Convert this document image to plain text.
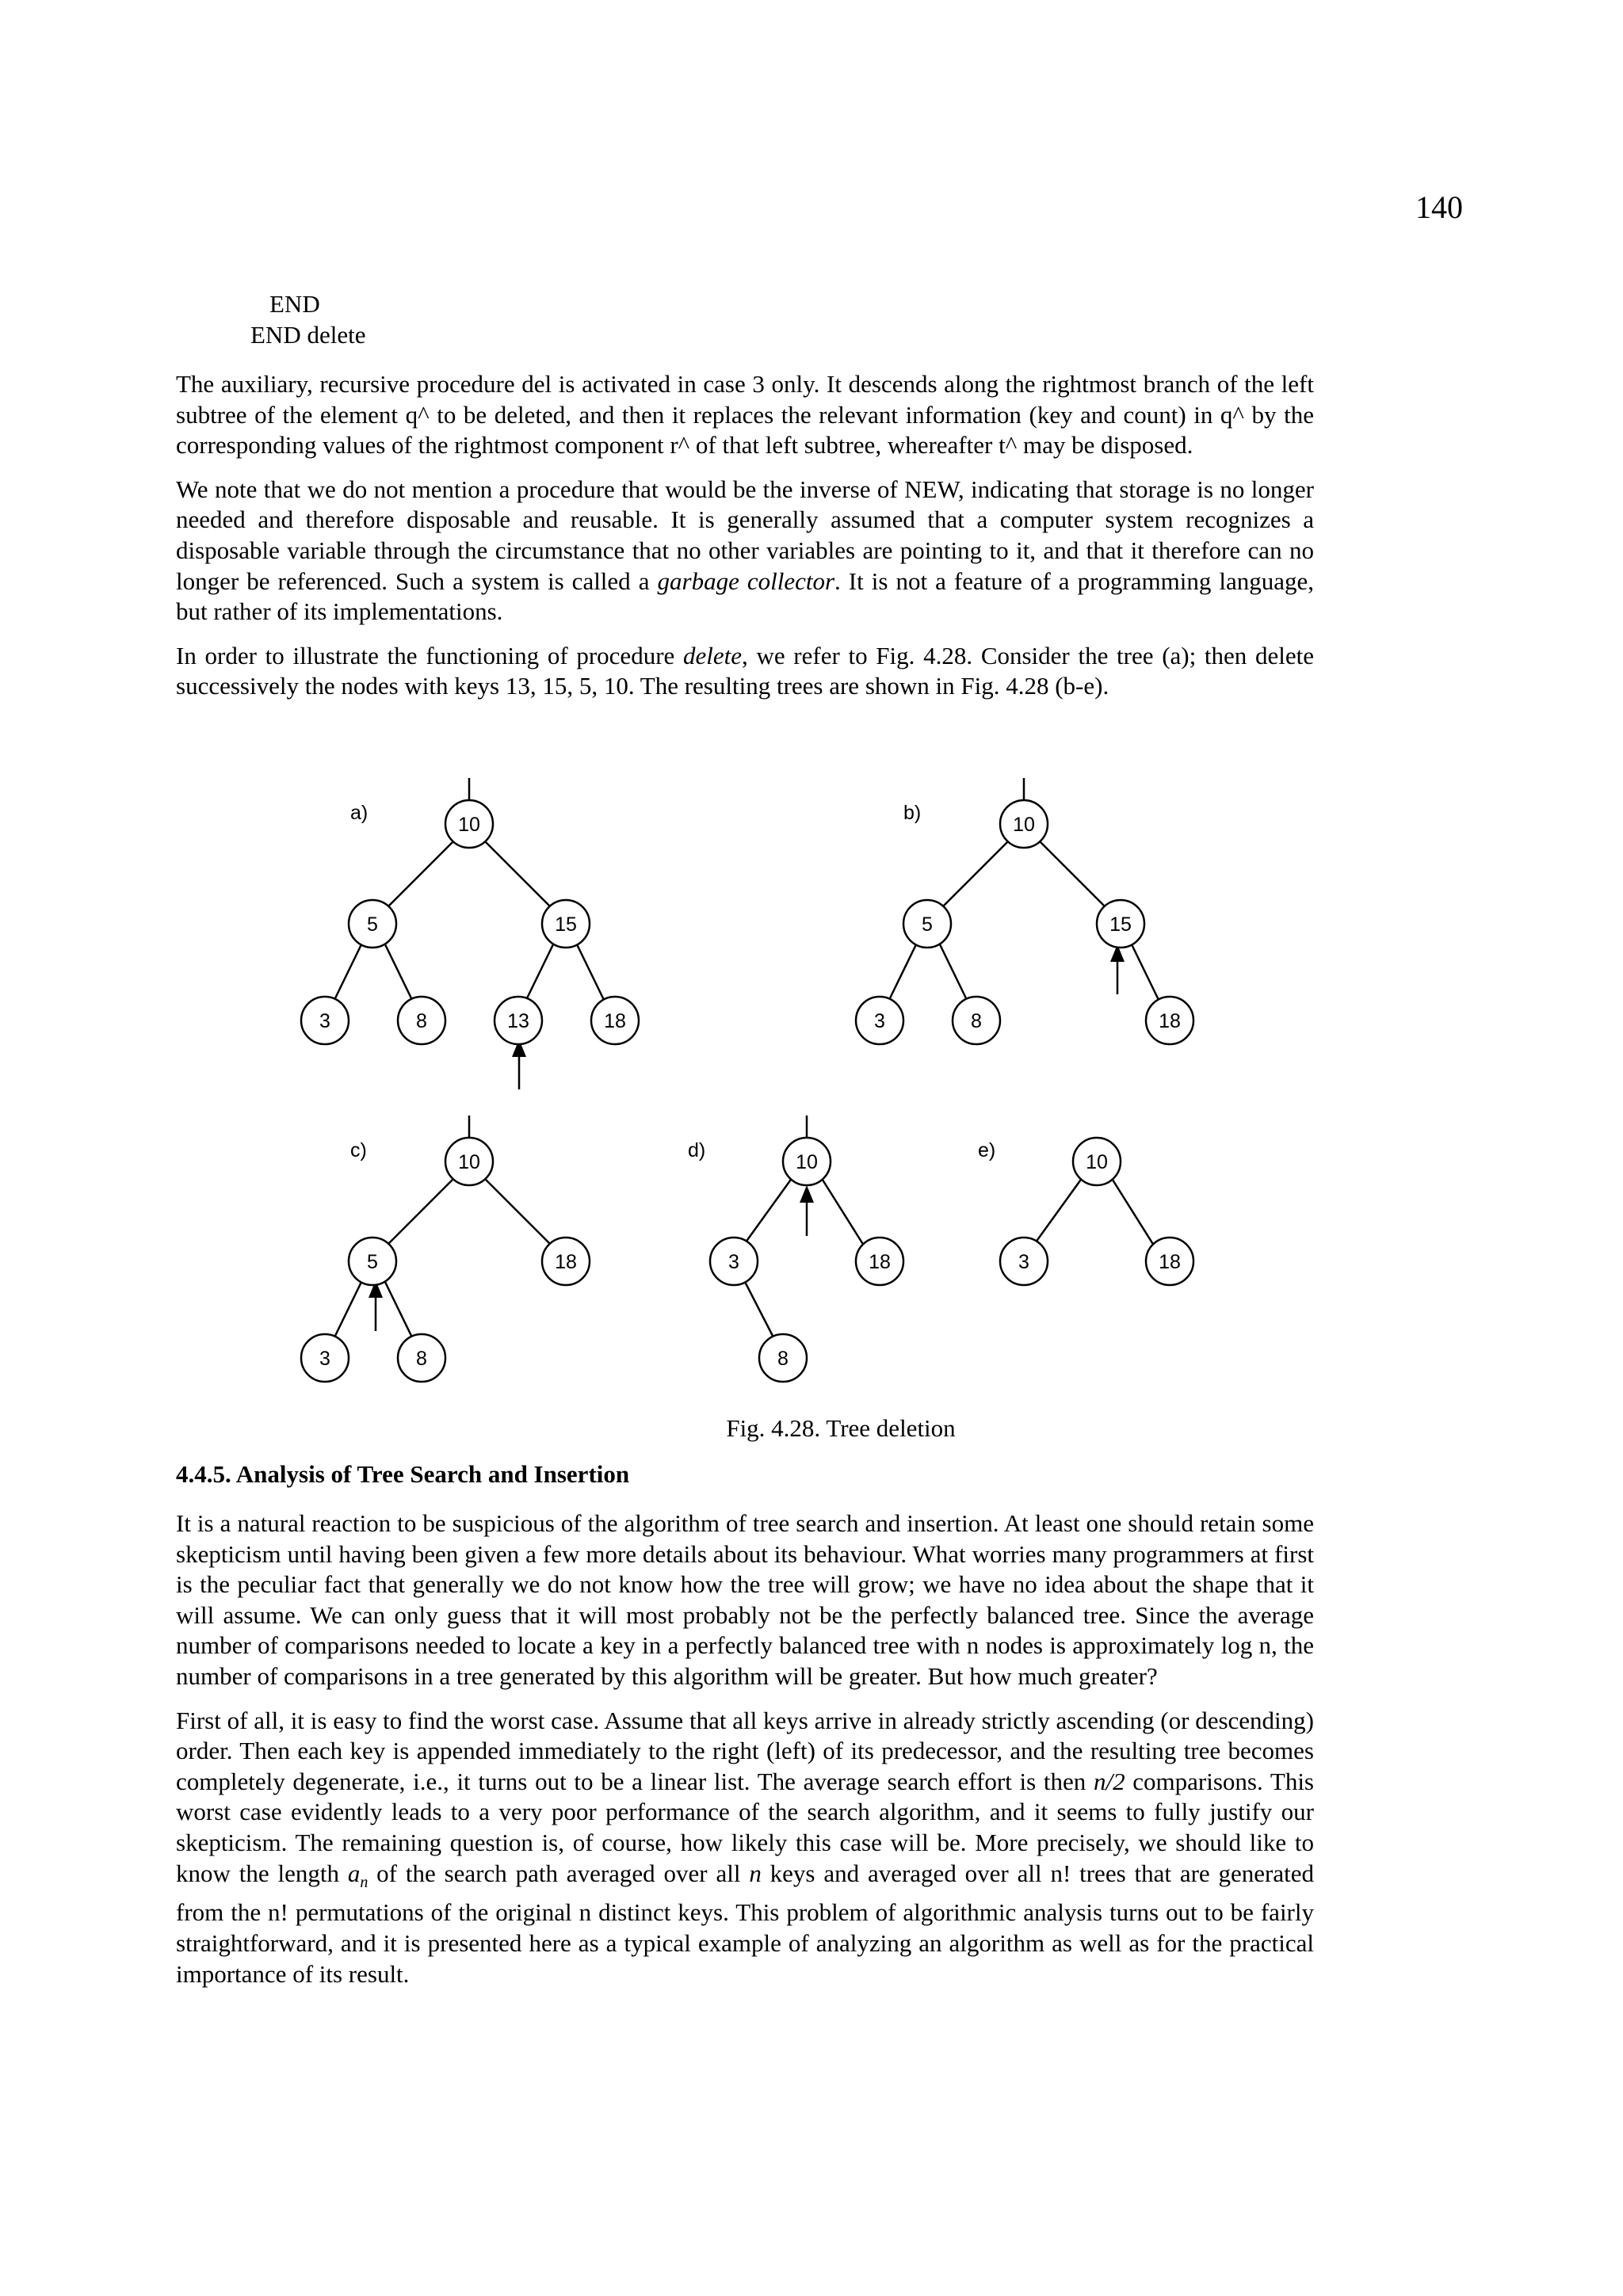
140
END
END delete

The auxiliary, recursive procedure del is activated in case 3 only. It descends along the rightmost branch of the left subtree of the element q^ to be deleted, and then it replaces the relevant information (key and count) in q^ by the corresponding values of the rightmost component r^ of that left subtree, whereafter t^ may be disposed.

We note that we do not mention a procedure that would be the inverse of NEW, indicating that storage is no longer needed and therefore disposable and reusable. It is generally assumed that a computer system recognizes a disposable variable through the circumstance that no other variables are pointing to it, and that it therefore can no longer be referenced. Such a system is called a garbage collector. It is not a feature of a programming language, but rather of its implementations.

In order to illustrate the functioning of procedure delete, we refer to Fig. 4.28. Consider the tree (a); then delete successively the nodes with keys 13, 15, 5, 10. The resulting trees are shown in Fig. 4.28 (b-e).

10
5	15
3	8	13	18
10
5	15
3	8	18
10
5	18
3	8
10
3	18
8
10
3	18
a)	b)
c)	d)	e)
Fig. 4.28. Tree deletion
4.4.5. Analysis of Tree Search and Insertion

It is a natural reaction to be suspicious of the algorithm of tree search and insertion. At least one should retain some skepticism until having been given a few more details about its behaviour. What worries many programmers at first is the peculiar fact that generally we do not know how the tree will grow; we have no idea about the shape that it will assume. We can only guess that it will most probably not be the perfectly balanced tree. Since the average number of comparisons needed to locate a key in a perfectly balanced tree with n nodes is approximately log n, the number of comparisons in a tree generated by this algorithm will be greater. But how much greater?

First of all, it is easy to find the worst case. Assume that all keys arrive in already strictly ascending (or descending) order. Then each key is appended immediately to the right (left) of its predecessor, and the resulting tree becomes completely degenerate, i.e., it turns out to be a linear list. The average search effort is then n/2 comparisons. This worst case evidently leads to a very poor performance of the search algorithm, and it seems to fully justify our skepticism. The remaining question is, of course, how likely this case will be. More precisely, we should like to know the length $a_n$ of the search path averaged over all n keys and averaged over all n! trees that are generated from the n! permutations of the original n distinct keys. This problem of algorithmic analysis turns out to be fairly straightforward, and it is presented here as a typical example of analyzing an algorithm as well as for the practical importance of its result.
